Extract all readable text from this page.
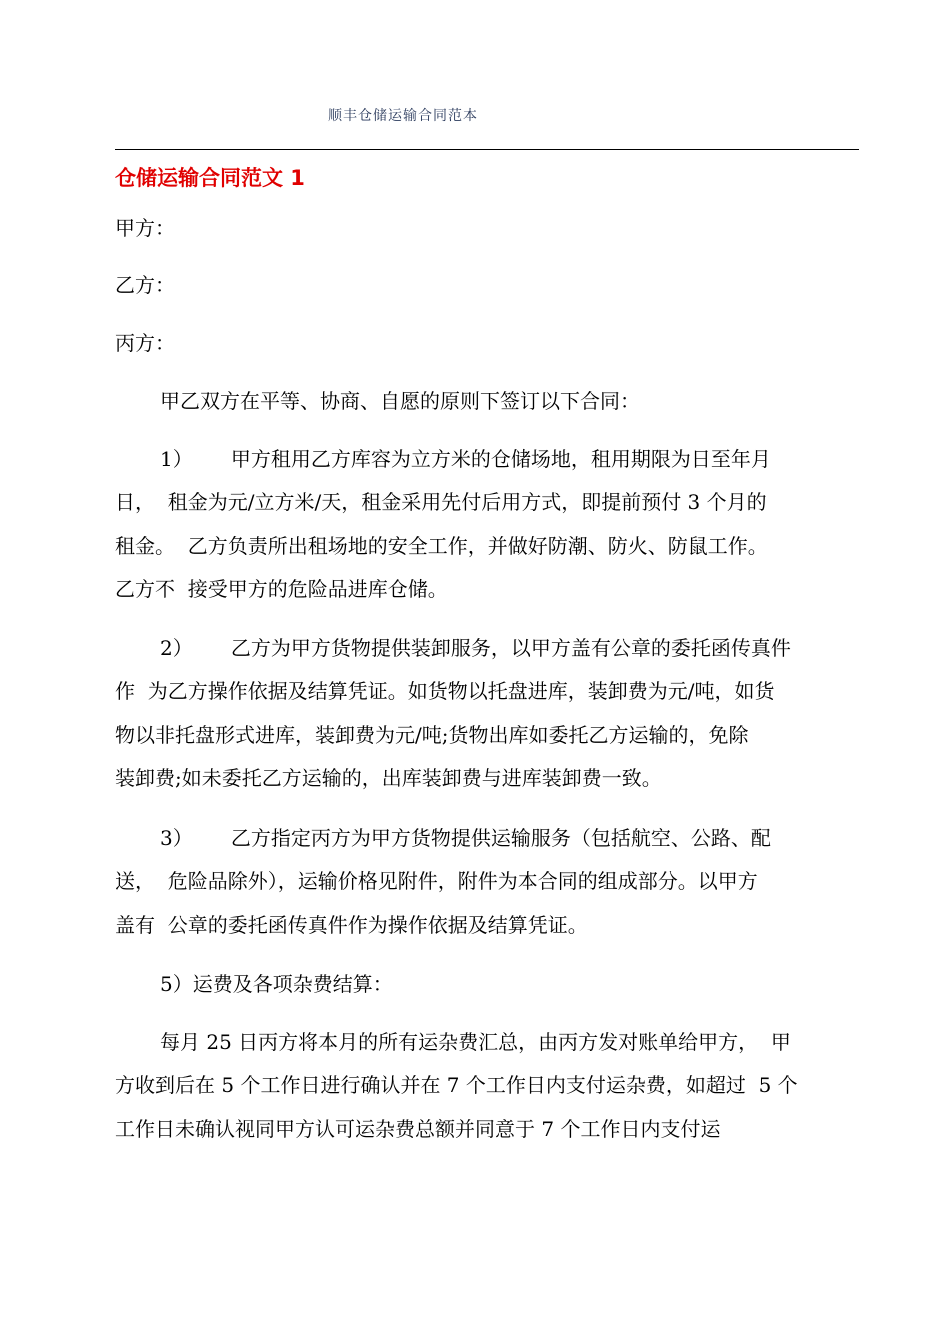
顺丰仓储运输合同范本
仓储运输合同范文 1
甲方：
乙方：
丙方：
甲乙双方在平等、协商、自愿的原则下签订以下合同：
1）      甲方租用乙方库容为立方米的仓储场地，租用期限为日至年月
日，  租金为元/立方米/天，租金采用先付后用方式，即提前预付 3 个月的
租金。  乙方负责所出租场地的安全工作，并做好防潮、防火、防鼠工作。
乙方不  接受甲方的危险品进库仓储。
2）      乙方为甲方货物提供装卸服务，以甲方盖有公章的委托函传真件
作  为乙方操作依据及结算凭证。如货物以托盘进库，装卸费为元/吨，如货
物以非托盘形式进库，装卸费为元/吨;货物出库如委托乙方运输的，免除
装卸费;如未委托乙方运输的，出库装卸费与进库装卸费一致。
3）      乙方指定丙方为甲方货物提供运输服务（包括航空、公路、配
送，  危险品除外），运输价格见附件，附件为本合同的组成部分。以甲方
盖有  公章的委托函传真件作为操作依据及结算凭证。
5）运费及各项杂费结算：
每月 25 日丙方将本月的所有运杂费汇总，由丙方发对账单给甲方，  甲
方收到后在 5 个工作日进行确认并在 7 个工作日内支付运杂费，如超过  5 个
工作日未确认视同甲方认可运杂费总额并同意于 7 个工作日内支付运
